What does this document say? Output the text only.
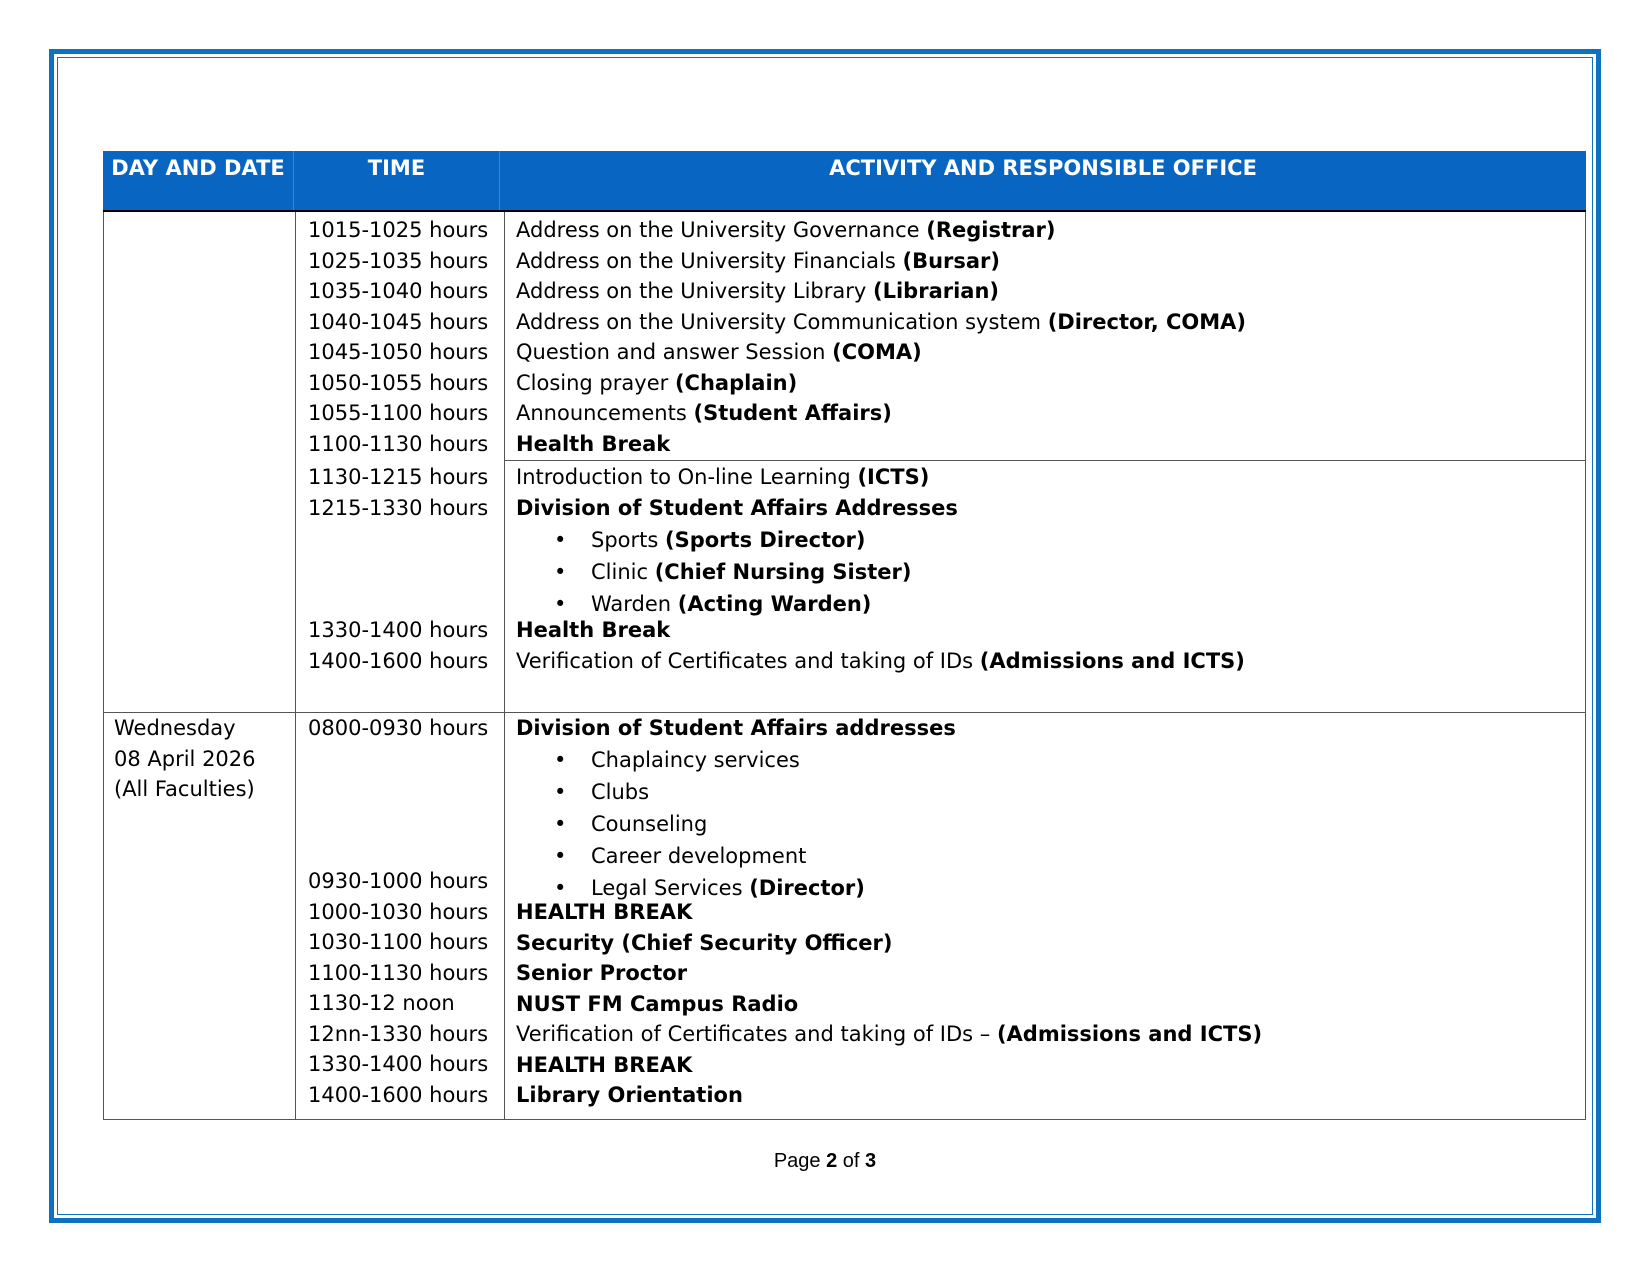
DAY AND DATE	TIME	ACTIVITY AND RESPONSIBLE OFFICE
1015-1025 hours
1025-1035 hours
1035-1040 hours
1040-1045 hours
1045-1050 hours
1050-1055 hours
1055-1100 hours
1100-1130 hours
Address on the University Governance (Registrar)
Address on the University Financials (Bursar)
Address on the University Library (Librarian)
Address on the University Communication system (Director, COMA)
Question and answer Session (COMA)
Closing prayer (Chaplain)
Announcements (Student Affairs)
Health Break
1130-1215 hours
1215-1330 hours
1330-1400 hours
1400-1600 hours
Introduction to On-line Learning (ICTS)
Division of Student Affairs Addresses
• Sports (Sports Director)
• Clinic (Chief Nursing Sister)
• Warden (Acting Warden)
Health Break
Verification of Certificates and taking of IDs (Admissions and ICTS)
Wednesday
08 April 2026
(All Faculties)
0800-0930 hours
0930-1000 hours
1000-1030 hours
1030-1100 hours
1100-1130 hours
1130-12 noon
12nn-1330 hours
1330-1400 hours
1400-1600 hours
Division of Student Affairs addresses
• Chaplaincy services
• Clubs
• Counseling
• Career development
• Legal Services (Director)
HEALTH BREAK
Security (Chief Security Officer)
Senior Proctor
NUST FM Campus Radio
Verification of Certificates and taking of IDs – (Admissions and ICTS)
HEALTH BREAK
Library Orientation
Page 2 of 3
